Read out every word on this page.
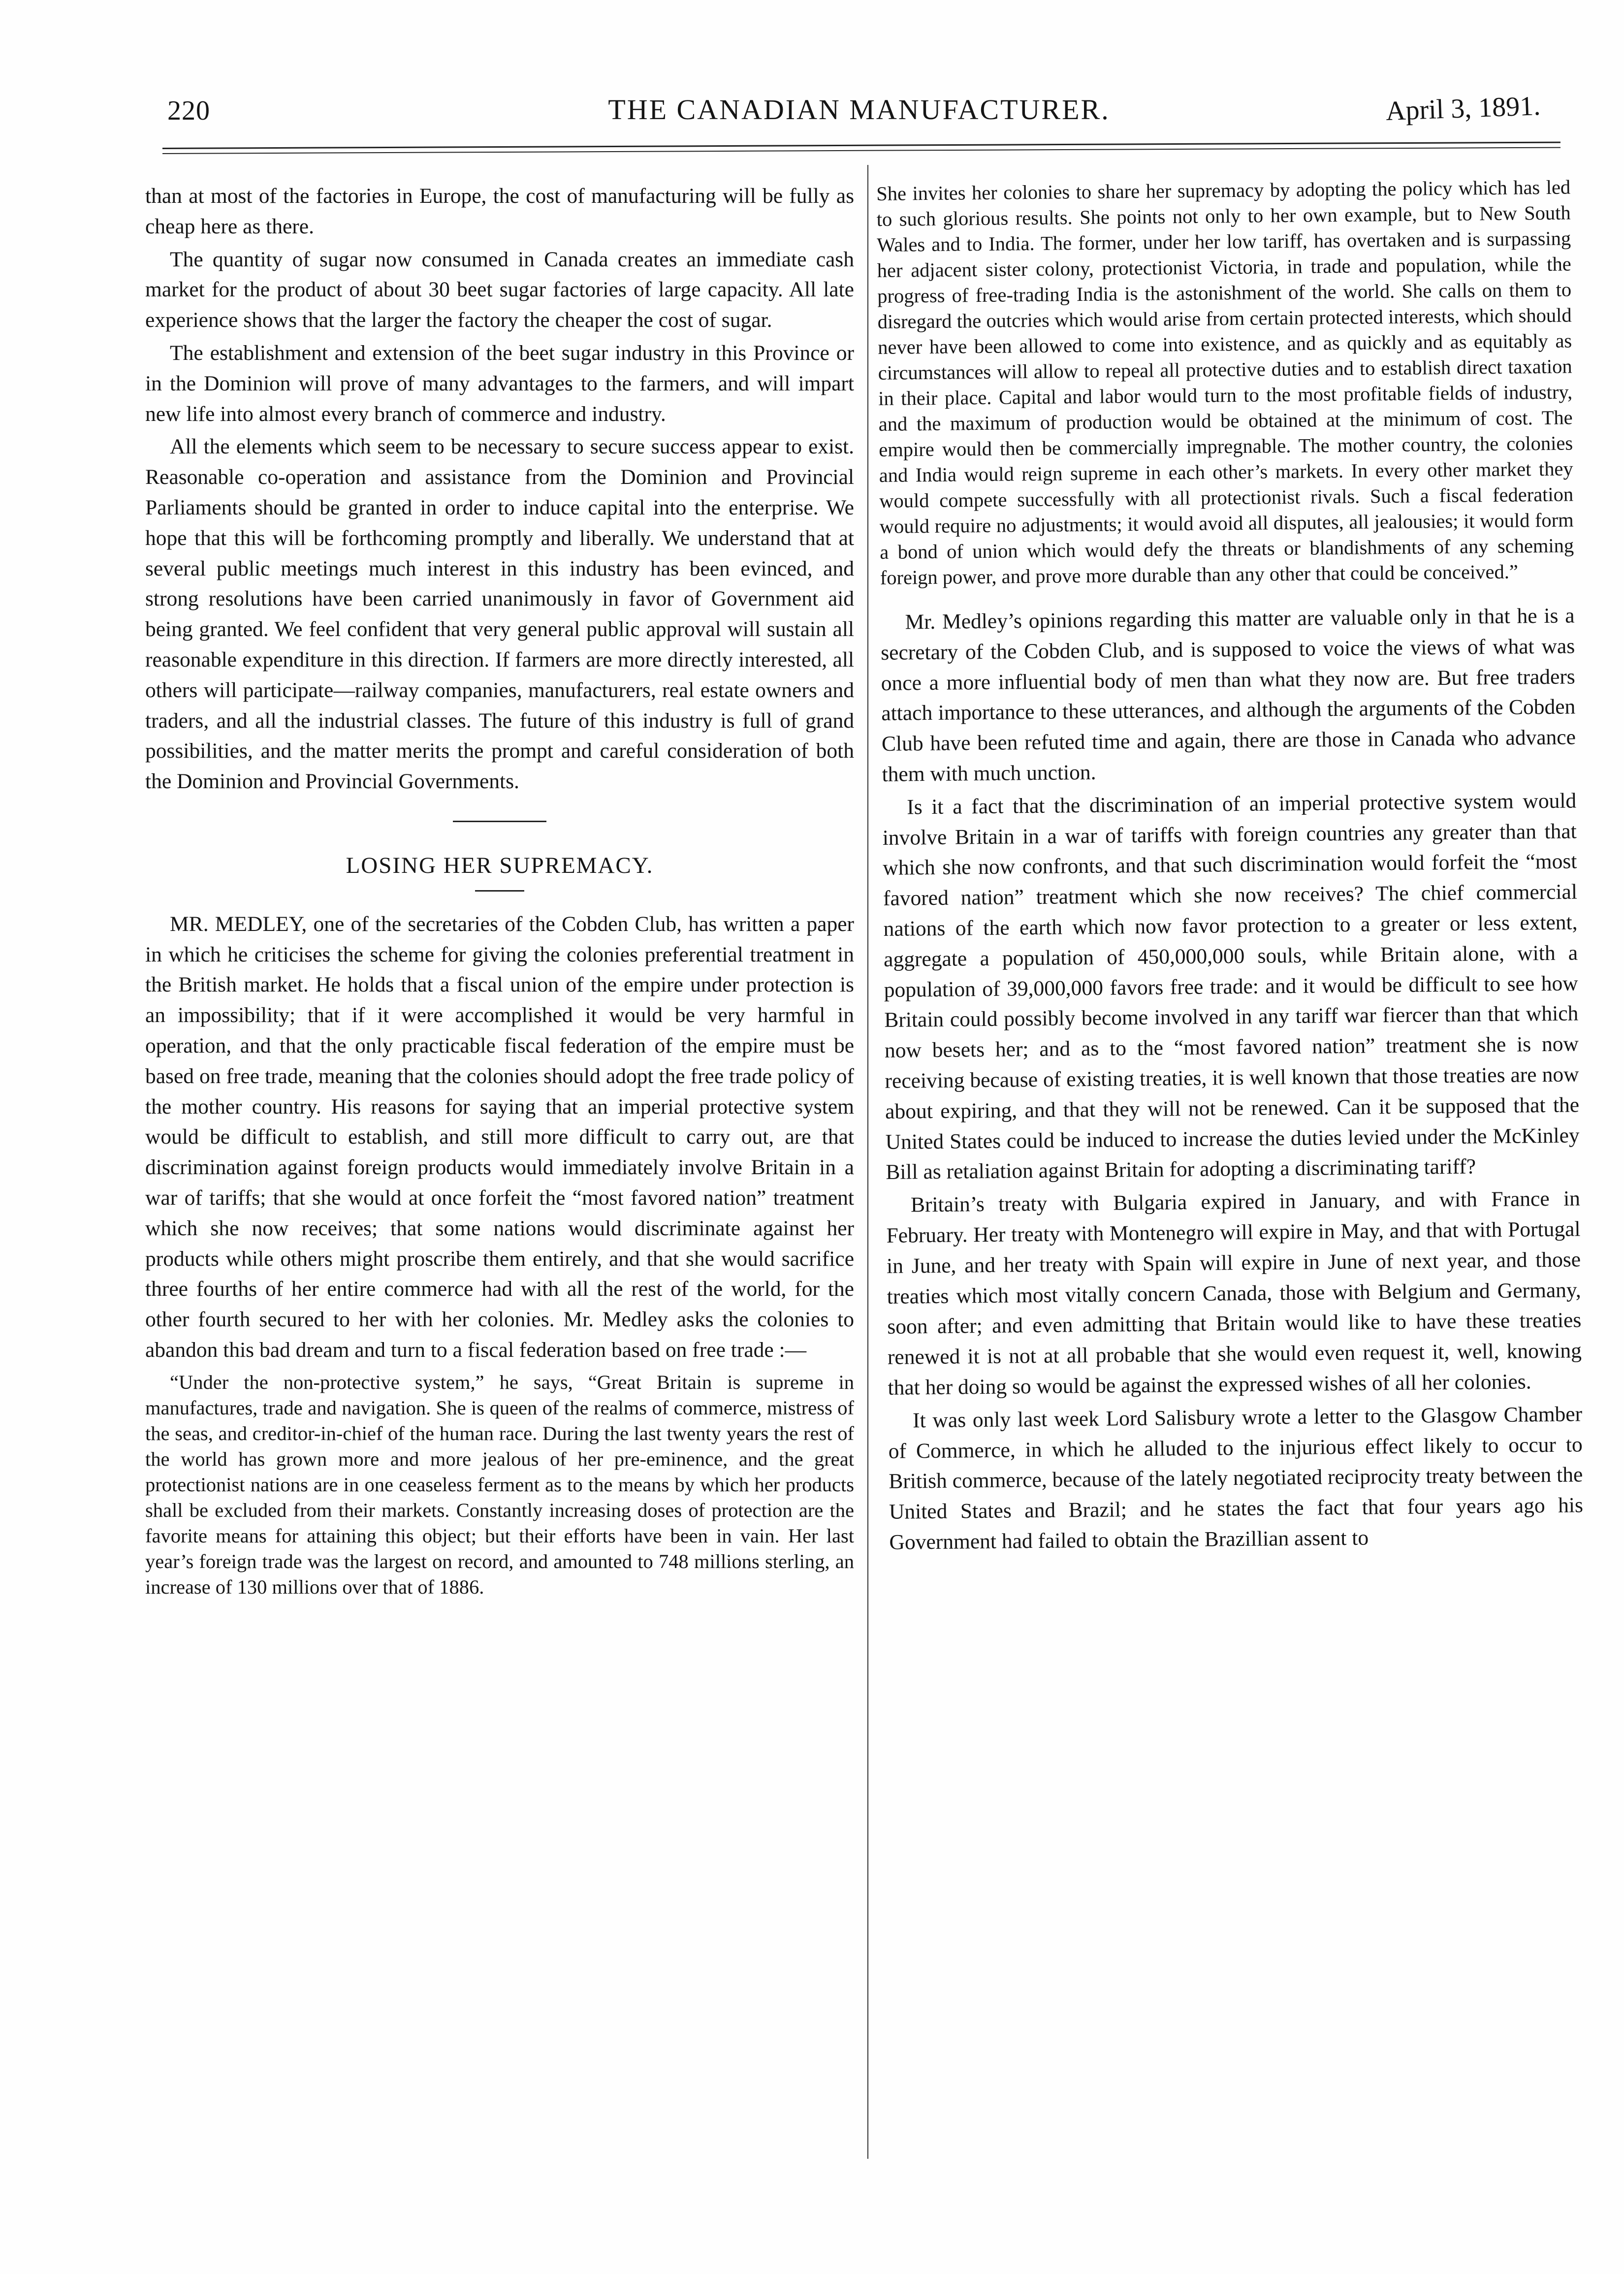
220	THE CANADIAN MANUFACTURER.	April 3, 1891.

than at most of the factories in Europe, the cost of manufacturing will be fully as cheap here as there.

The quantity of sugar now consumed in Canada creates an immediate cash market for the product of about 30 beet sugar factories of large capacity. All late experience shows that the larger the factory the cheaper the cost of sugar.

The establishment and extension of the beet sugar industry in this Province or in the Dominion will prove of many advantages to the farmers, and will impart new life into almost every branch of commerce and industry.

All the elements which seem to be necessary to secure success appear to exist. Reasonable co-operation and assistance from the Dominion and Provincial Parliaments should be granted in order to induce capital into the enterprise. We hope that this will be forthcoming promptly and liberally. We understand that at several public meetings much interest in this industry has been evinced, and strong resolutions have been carried unanimously in favor of Government aid being granted. We feel confident that very general public approval will sustain all reasonable expenditure in this direction. If farmers are more directly interested, all others will participate—railway companies, manufacturers, real estate owners and traders, and all the industrial classes. The future of this industry is full of grand possibilities, and the matter merits the prompt and careful consideration of both the Dominion and Provincial Governments.

LOSING HER SUPREMACY.

MR. MEDLEY, one of the secretaries of the Cobden Club, has written a paper in which he criticises the scheme for giving the colonies preferential treatment in the British market. He holds that a fiscal union of the empire under protection is an impossibility; that if it were accomplished it would be very harmful in operation, and that the only practicable fiscal federation of the empire must be based on free trade, meaning that the colonies should adopt the free trade policy of the mother country. His reasons for saying that an imperial protective system would be difficult to establish, and still more difficult to carry out, are that discrimination against foreign products would immediately involve Britain in a war of tariffs; that she would at once forfeit the “most favored nation” treatment which she now receives; that some nations would discriminate against her products while others might proscribe them entirely, and that she would sacrifice three fourths of her entire commerce had with all the rest of the world, for the other fourth secured to her with her colonies. Mr. Medley asks the colonies to abandon this bad dream and turn to a fiscal federation based on free trade :—

“Under the non-protective system,” he says, “Great Britain is supreme in manufactures, trade and navigation. She is queen of the realms of commerce, mistress of the seas, and creditor-in-chief of the human race. During the last twenty years the rest of the world has grown more and more jealous of her pre-eminence, and the great protectionist nations are in one ceaseless ferment as to the means by which her products shall be excluded from their markets. Constantly increasing doses of protection are the favorite means for attaining this object; but their efforts have been in vain. Her last year’s foreign trade was the largest on record, and amounted to 748 millions sterling, an increase of 130 millions over that of 1886.

She invites her colonies to share her supremacy by adopting the policy which has led to such glorious results. She points not only to her own example, but to New South Wales and to India. The former, under her low tariff, has overtaken and is surpassing her adjacent sister colony, protectionist Victoria, in trade and population, while the progress of free-trading India is the astonishment of the world. She calls on them to disregard the outcries which would arise from certain protected interests, which should never have been allowed to come into existence, and as quickly and as equitably as circumstances will allow to repeal all protective duties and to establish direct taxation in their place. Capital and labor would turn to the most profitable fields of industry, and the maximum of production would be obtained at the minimum of cost. The empire would then be commercially impregnable. The mother country, the colonies and India would reign supreme in each other’s markets. In every other market they would compete successfully with all protectionist rivals. Such a fiscal federation would require no adjustments; it would avoid all disputes, all jealousies; it would form a bond of union which would defy the threats or blandishments of any scheming foreign power, and prove more durable than any other that could be conceived.”

Mr. Medley’s opinions regarding this matter are valuable only in that he is a secretary of the Cobden Club, and is supposed to voice the views of what was once a more influential body of men than what they now are. But free traders attach importance to these utterances, and although the arguments of the Cobden Club have been refuted time and again, there are those in Canada who advance them with much unction.

Is it a fact that the discrimination of an imperial protective system would involve Britain in a war of tariffs with foreign countries any greater than that which she now confronts, and that such discrimination would forfeit the “most favored nation” treatment which she now receives? The chief commercial nations of the earth which now favor protection to a greater or less extent, aggregate a population of 450,000,000 souls, while Britain alone, with a population of 39,000,000 favors free trade: and it would be difficult to see how Britain could possibly become involved in any tariff war fiercer than that which now besets her; and as to the “most favored nation” treatment she is now receiving because of existing treaties, it is well known that those treaties are now about expiring, and that they will not be renewed. Can it be supposed that the United States could be induced to increase the duties levied under the McKinley Bill as retaliation against Britain for adopting a discriminating tariff?

Britain’s treaty with Bulgaria expired in January, and with France in February. Her treaty with Montenegro will expire in May, and that with Portugal in June, and her treaty with Spain will expire in June of next year, and those treaties which most vitally concern Canada, those with Belgium and Germany, soon after; and even admitting that Britain would like to have these treaties renewed it is not at all probable that she would even request it, well, knowing that her doing so would be against the expressed wishes of all her colonies.

It was only last week Lord Salisbury wrote a letter to the Glasgow Chamber of Commerce, in which he alluded to the injurious effect likely to occur to British commerce, because of the lately negotiated reciprocity treaty between the United States and Brazil; and he states the fact that four years ago his Government had failed to obtain the Brazillian assent to
